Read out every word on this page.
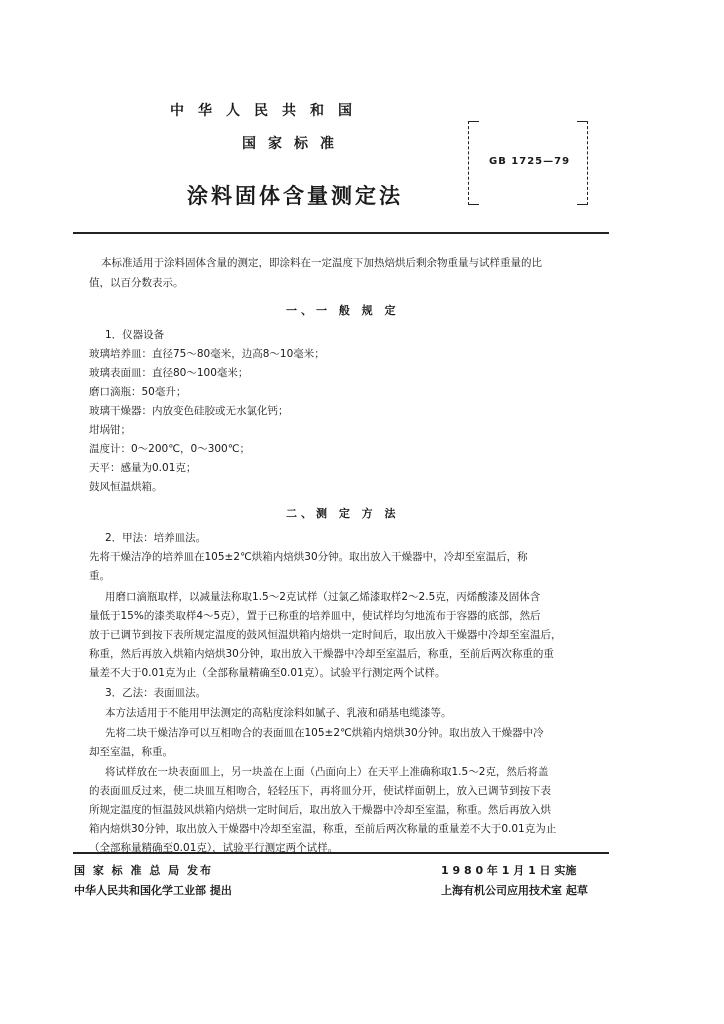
中华人民共和国
国家标准
涂料固体含量测定法
GB 1725—79
本标准适用于涂料固体含量的测定，即涂料在一定温度下加热焙烘后剩余物重量与试样重量的比
值，以百分数表示。
一、一 般 规 定
1．仪器设备
玻璃培养皿：直径75～80毫米，边高8～10毫米；
玻璃表面皿：直径80～100毫米；
磨口滴瓶：50毫升；
玻璃干燥器：内放变色硅胶或无水氯化钙；
坩埚钳；
温度计：0～200℃，0～300℃；
天平：感量为0.01克；
鼓风恒温烘箱。
二、测 定 方 法
2．甲法：培养皿法。
先将干燥洁净的培养皿在105±2℃烘箱内焙烘30分钟。取出放入干燥器中，冷却至室温后，称
重。
用磨口滴瓶取样，以减量法称取1.5～2克试样（过氯乙烯漆取样2～2.5克，丙烯酸漆及固体含
量低于15%的漆类取样4～5克），置于已称重的培养皿中，使试样均匀地流布于容器的底部，然后
放于已调节到按下表所规定温度的鼓风恒温烘箱内焙烘一定时间后，取出放入干燥器中冷却至室温后，
称重，然后再放入烘箱内焙烘30分钟，取出放入干燥器中冷却至室温后，称重，至前后两次称重的重
量差不大于0.01克为止（全部称量精确至0.01克）。试验平行测定两个试样。
3．乙法：表面皿法。
本方法适用于不能用甲法测定的高粘度涂料如腻子、乳液和硝基电缆漆等。
先将二块干燥洁净可以互相吻合的表面皿在105±2℃烘箱内焙烘30分钟。取出放入干燥器中冷
却至室温，称重。
将试样放在一块表面皿上，另一块盖在上面（凸面向上）在天平上准确称取1.5～2克，然后将盖
的表面皿反过来，使二块皿互相吻合，轻轻压下，再将皿分开，使试样面朝上，放入已调节到按下表
所规定温度的恒温鼓风烘箱内焙烘一定时间后，取出放入干燥器中冷却至室温，称重。然后再放入烘
箱内焙烘30分钟，取出放入干燥器中冷却至室温，称重，至前后两次称量的重量差不大于0.01克为止
（全部称量精确至0.01克），试验平行测定两个试样。
国 家 标 准 总 局 发布
中华人民共和国化学工业部 提出
1 9 8 0 年 1 月 1 日 实施
上海有机公司应用技术室 起草
